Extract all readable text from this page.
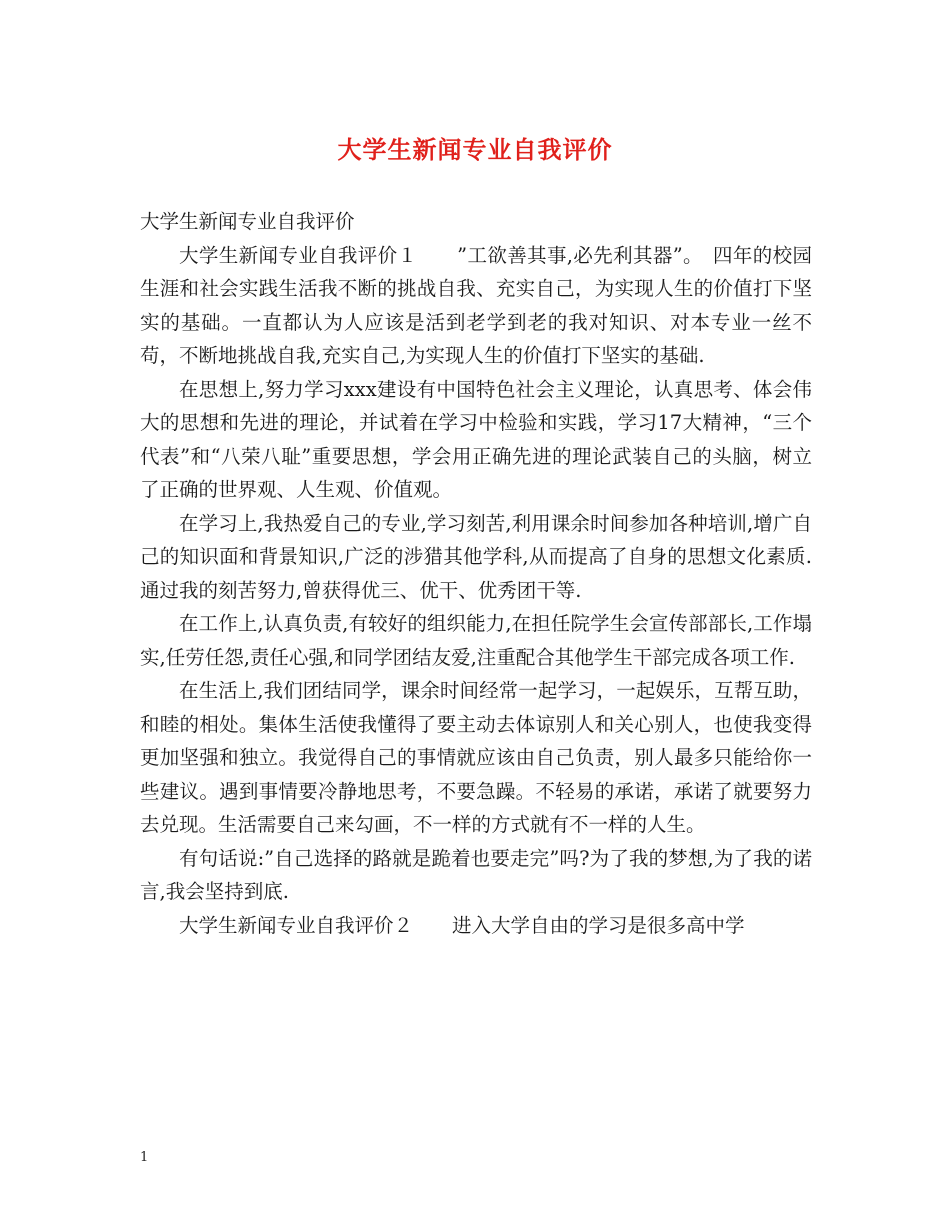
大学生新闻专业自我评价

大学生新闻专业自我评价

大学生新闻专业自我评价１　　”工欲善其事,必先利其器”。　四年的校园生涯和社会实践生活我不断的挑战自我、充实自己，为实现人生的价值打下坚实的基础。一直都认为人应该是活到老学到老的我对知识、对本专业一丝不苟，不断地挑战自我,充实自己,为实现人生的价值打下坚实的基础.

在思想上,努力学习xxx建设有中国特色社会主义理论，认真思考、体会伟大的思想和先进的理论，并试着在学习中检验和实践，学习17大精神，“三个代表”和“八荣八耻”重要思想，学会用正确先进的理论武装自己的头脑，树立了正确的世界观、人生观、价值观。

在学习上,我热爱自己的专业,学习刻苦,利用课余时间参加各种培训,增广自己的知识面和背景知识,广泛的涉猎其他学科,从而提高了自身的思想文化素质.通过我的刻苦努力,曾获得优三、优干、优秀团干等.

在工作上,认真负责,有较好的组织能力,在担任院学生会宣传部部长,工作塌实,任劳任怨,责任心强,和同学团结友爱,注重配合其他学生干部完成各项工作.

在生活上,我们团结同学，课余时间经常一起学习，一起娱乐，互帮互助，和睦的相处。集体生活使我懂得了要主动去体谅别人和关心别人，也使我变得更加坚强和独立。我觉得自己的事情就应该由自己负责，别人最多只能给你一些建议。遇到事情要冷静地思考，不要急躁。不轻易的承诺，承诺了就要努力去兑现。生活需要自己来勾画，不一样的方式就有不一样的人生。

有句话说:”自己选择的路就是跪着也要走完”吗?为了我的梦想,为了我的诺言,我会坚持到底.

大学生新闻专业自我评价２　　进入大学自由的学习是很多高中学

1
